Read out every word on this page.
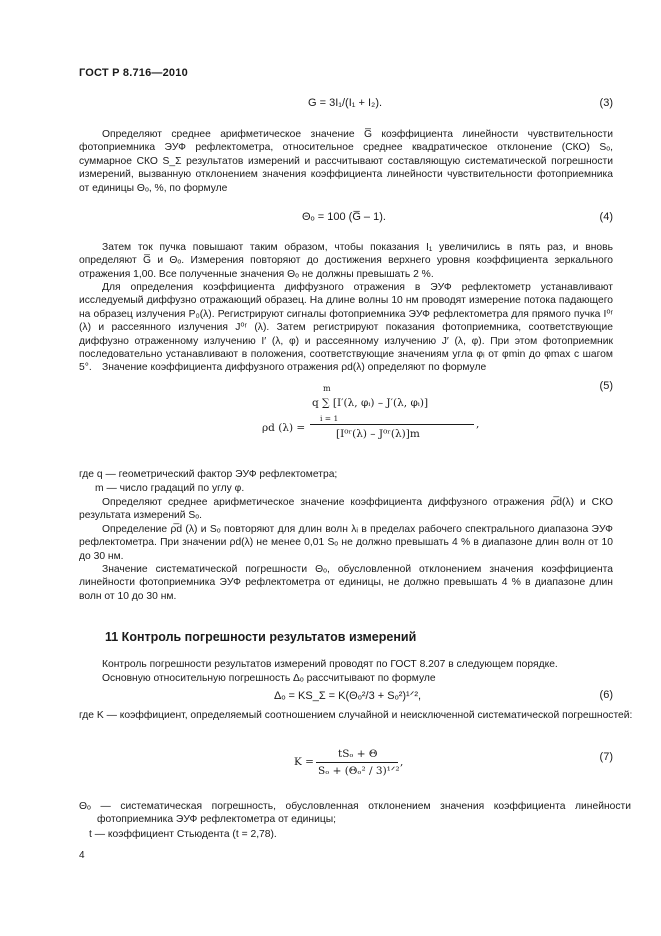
ГОСТ Р 8.716—2010
G = 3I₁/(I₁ + I₂).	(3)

Определяют среднее арифметическое значение G̅ коэффициента линейности чувствительности фотоприемника ЭУФ рефлектометра, относительное среднее квадратическое отклонение (СКО) Sₒ, суммарное СКО S_Σ результатов измерений и рассчитывают составляющую систематической погрешности измерений, вызванную отклонением значения коэффициента линейности чувствительности фотоприемника от единицы Θₒ, %, по формуле

Θₒ = 100 (G̅ – 1).	(4)

Затем ток пучка повышают таким образом, чтобы показания I₁ увеличились в пять раз, и вновь определяют G̅ и Θₒ. Измерения повторяют до достижения верхнего уровня коэффициента зеркального отражения 1,00. Все полученные значения Θₒ не должны превышать 2 %.

Для определения коэффициента диффузного отражения в ЭУФ рефлектометр устанавливают исследуемый диффузно отражающий образец. На длине волны 10 нм проводят измерение потока падающего на образец излучения P₀(λ). Регистрируют сигналы фотоприемника ЭУФ рефлектометра для прямого пучка I⁰ʳ (λ) и рассеянного излучения J⁰ʳ (λ). Затем регистрируют показания фотоприемника, соответствующие диффузно отраженному излучению I′ (λ, φ) и рассеянному излучению J′ (λ, φ). При этом фотоприемник последовательно устанавливают в положения, соответствующие значениям угла φᵢ от φmin до φmax с шагом 5°. Значение коэффициента диффузного отражения ρd(λ) определяют по формуле

ρd (λ) =
m
q ∑ [I′(λ, φᵢ) – J′(λ, φᵢ)]
i = 1
[I⁰ʳ(λ) – J⁰ʳ(λ)]m
,
(5)

где q — геометрический фактор ЭУФ рефлектометра;

m — число градаций по углу φ.

Определяют среднее арифметическое значение коэффициента диффузного отражения ρ̅d(λ) и СКО результата измерений Sₒ.

Определение ρ̅d (λ) и Sₒ повторяют для длин волн λᵢ в пределах рабочего спектрального диапазона ЭУФ рефлектометра. При значении ρd(λ) не менее 0,01 Sₒ не должно превышать 4 % в диапазоне длин волн от 10 до 30 нм.

Значение систематической погрешности Θₒ, обусловленной отклонением значения коэффициента линейности фотоприемника ЭУФ рефлектометра от единицы, не должно превышать 4 % в диапазоне длин волн от 10 до 30 нм.

11 Контроль погрешности результатов измерений

Контроль погрешности результатов измерений проводят по ГОСТ 8.207 в следующем порядке.

Основную относительную погрешность Δₒ рассчитывают по формуле

Δₒ = KS_Σ = K(Θₒ²/3 + Sₒ²)¹ᐟ²,	(6)

где K — коэффициент, определяемый соотношением случайной и неисключенной систематической погрешностей:

K =
tSₒ + Θ
Sₒ + (Θₒ² / 3)¹ᐟ²
,	(7)

Θₒ — систематическая погрешность, обусловленная отклонением значения коэффициента линейности фотоприемника ЭУФ рефлектометра от единицы;

t — коэффициент Стьюдента (t = 2,78).

4
